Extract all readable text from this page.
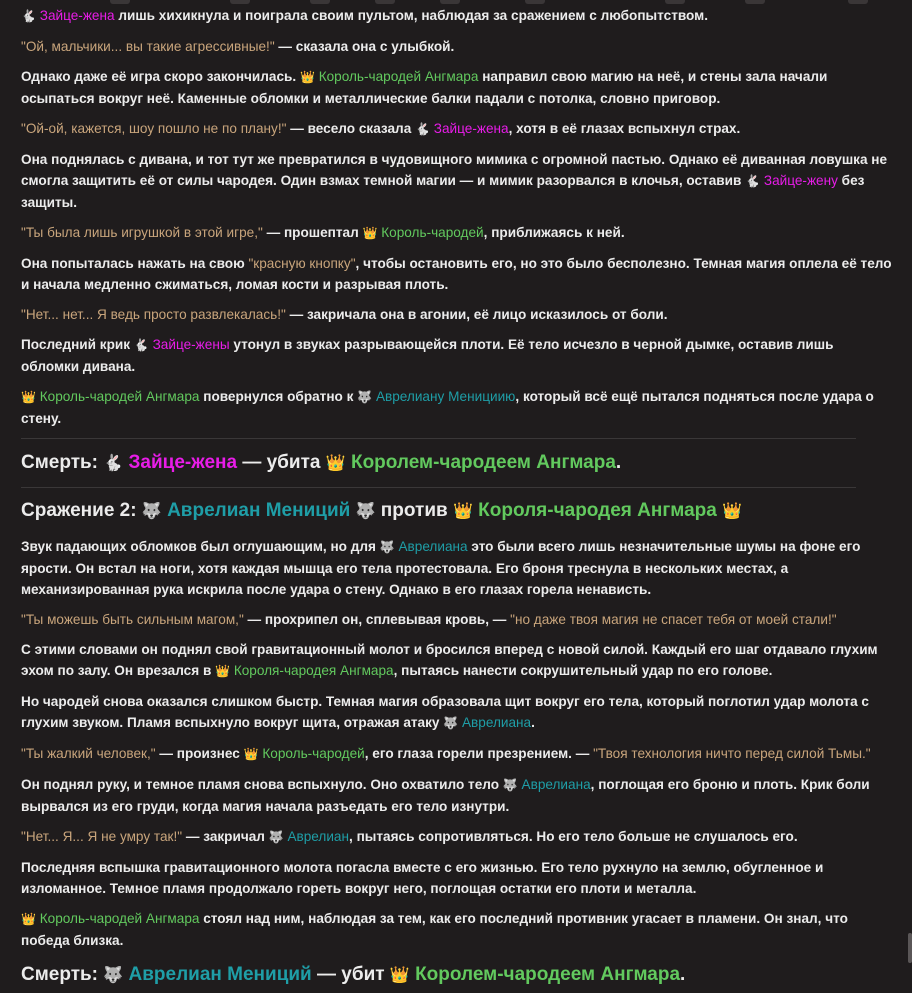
🐇 Зайце-жена лишь хихикнула и поиграла своим пультом, наблюдая за сражением с любопытством.

"Ой, мальчики... вы такие агрессивные!" — сказала она с улыбкой.

Однако даже её игра скоро закончилась. 👑 Король-чародей Ангмара направил свою магию на неё, и стены зала начали осыпаться вокруг неё. Каменные обломки и металлические балки падали с потолка, словно приговор.

"Ой-ой, кажется, шоу пошло не по плану!" — весело сказала 🐇 Зайце-жена, хотя в её глазах вспыхнул страх.

Она поднялась с дивана, и тот тут же превратился в чудовищного мимика с огромной пастью. Однако её диванная ловушка не смогла защитить её от силы чародея. Один взмах темной магии — и мимик разорвался в клочья, оставив 🐇 Зайце-жену без защиты.

"Ты была лишь игрушкой в этой игре," — прошептал 👑 Король-чародей, приближаясь к ней.

Она попыталась нажать на свою "красную кнопку", чтобы остановить его, но это было бесполезно. Темная магия оплела её тело и начала медленно сжиматься, ломая кости и разрывая плоть.

"Нет... нет... Я ведь просто развлекалась!" — закричала она в агонии, её лицо исказилось от боли.

Последний крик 🐇 Зайце-жены утонул в звуках разрывающейся плоти. Её тело исчезло в черной дымке, оставив лишь обломки дивана.

👑 Король-чародей Ангмара повернулся обратно к 🐺 Аврелиану Менициию, который всё ещё пытался подняться после удара о стену.

Смерть: 🐇 Зайце-жена — убита 👑 Королем-чародеем Ангмара.
Сражение 2: 🐺 Аврелиан Мениций 🐺 против 👑 Короля-чародея Ангмара 👑

Звук падающих обломков был оглушающим, но для 🐺 Аврелиана это были всего лишь незначительные шумы на фоне его ярости. Он встал на ноги, хотя каждая мышца его тела протестовала. Его броня треснула в нескольких местах, а механизированная рука искрила после удара о стену. Однако в его глазах горела ненависть.

"Ты можешь быть сильным магом," — прохрипел он, сплевывая кровь, — "но даже твоя магия не спасет тебя от моей стали!"

С этими словами он поднял свой гравитационный молот и бросился вперед с новой силой. Каждый его шаг отдавало глухим эхом по залу. Он врезался в 👑 Короля-чародея Ангмара, пытаясь нанести сокрушительный удар по его голове.

Но чародей снова оказался слишком быстр. Темная магия образовала щит вокруг его тела, который поглотил удар молота с глухим звуком. Пламя вспыхнуло вокруг щита, отражая атаку 🐺 Аврелиана.

"Ты жалкий человек," — произнес 👑 Король-чародей, его глаза горели презрением. — "Твоя технология ничто перед силой Тьмы."

Он поднял руку, и темное пламя снова вспыхнуло. Оно охватило тело 🐺 Аврелиана, поглощая его броню и плоть. Крик боли вырвался из его груди, когда магия начала разъедать его тело изнутри.

"Нет... Я... Я не умру так!" — закричал 🐺 Аврелиан, пытаясь сопротивляться. Но его тело больше не слушалось его.

Последняя вспышка гравитационного молота погасла вместе с его жизнью. Его тело рухнуло на землю, обугленное и изломанное. Темное пламя продолжало гореть вокруг него, поглощая остатки его плоти и металла.

👑 Король-чародей Ангмара стоял над ним, наблюдая за тем, как его последний противник угасает в пламени. Он знал, что победа близка.

Смерть: 🐺 Аврелиан Мениций — убит 👑 Королем-чародеем Ангмара.
